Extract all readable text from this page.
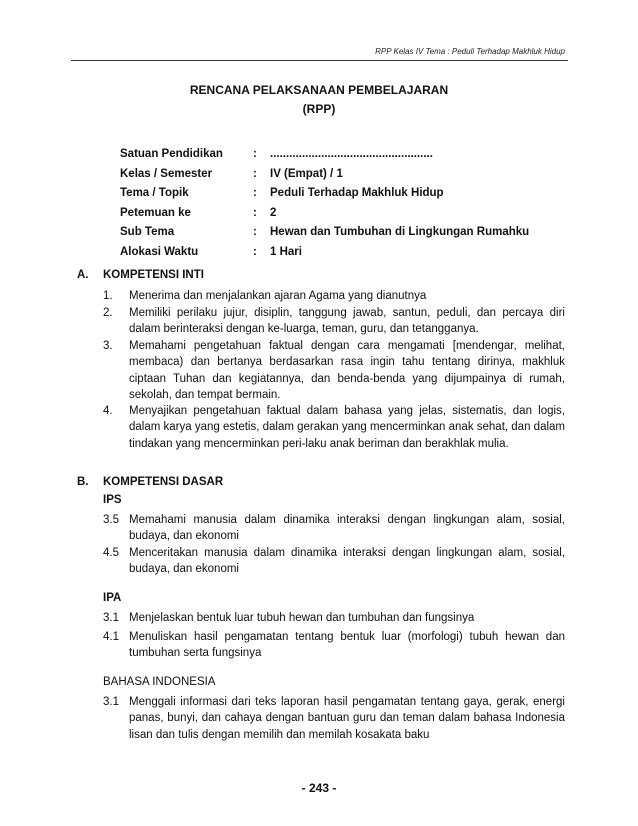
RPP Kelas IV Tema : Peduli Terhadap Makhluk Hidup
RENCANA PELAKSANAAN PEMBELAJARAN
(RPP)
Satuan Pendidikan	:	...................................................
Kelas / Semester	:	IV (Empat) / 1
Tema / Topik	:	Peduli Terhadap Makhluk Hidup
Petemuan ke	:	2
Sub Tema	:	Hewan dan Tumbuhan di Lingkungan Rumahku
Alokasi Waktu	:	1 Hari
A.	KOMPETENSI INTI
1.	Menerima dan menjalankan ajaran Agama yang dianutnya
2.	Memiliki perilaku jujur, disiplin, tanggung jawab, santun, peduli, dan percaya diri dalam berinteraksi dengan ke-luarga, teman, guru, dan tetangganya.
3.	Memahami pengetahuan faktual dengan cara mengamati [mendengar, melihat, membaca) dan bertanya berdasarkan rasa ingin tahu tentang dirinya, makhluk ciptaan Tuhan dan kegiatannya, dan benda-benda yang dijumpainya di rumah, sekolah, dan tempat bermain.
4.	Menyajikan pengetahuan faktual dalam bahasa yang jelas, sistematis, dan logis, dalam karya yang estetis, dalam gerakan yang mencerminkan anak sehat, dan dalam tindakan yang mencerminkan peri-laku anak beriman dan berakhlak mulia.
B.	KOMPETENSI DASAR
IPS
3.5 Memahami manusia dalam dinamika interaksi dengan lingkungan alam, sosial, budaya, dan ekonomi
4.5 Menceritakan manusia dalam dinamika interaksi dengan lingkungan alam, sosial, budaya, dan ekonomi
IPA
3.1 Menjelaskan bentuk luar tubuh hewan dan tumbuhan dan fungsinya
4.1 Menuliskan hasil pengamatan tentang bentuk luar (morfologi) tubuh hewan dan tumbuhan serta fungsinya
BAHASA INDONESIA
3.1 Menggali informasi dari teks laporan hasil pengamatan tentang gaya, gerak, energi panas, bunyi, dan cahaya dengan bantuan guru dan teman dalam bahasa Indonesia lisan dan tulis dengan memilih dan memilah kosakata baku
- 243 -
